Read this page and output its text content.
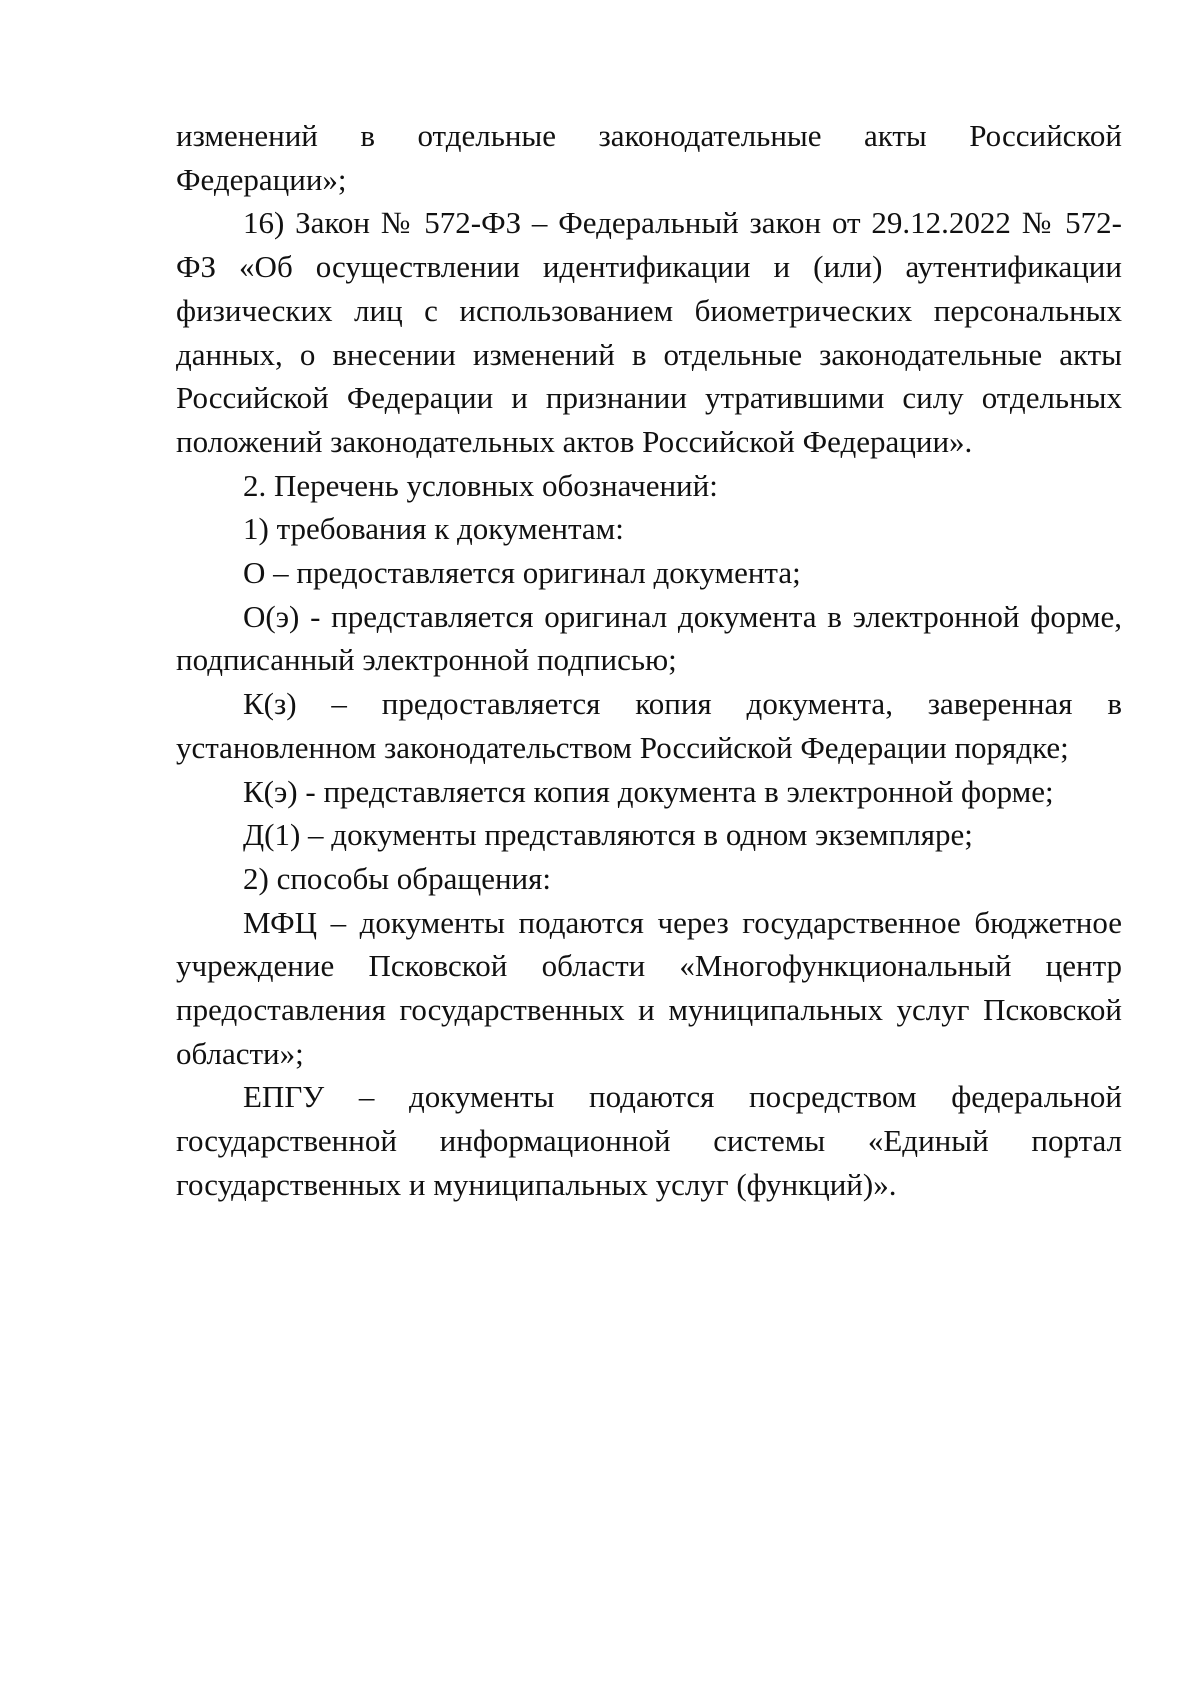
изменений в отдельные законодательные акты Российской Федерации»;

16) Закон № 572-ФЗ – Федеральный закон от 29.12.2022 № 572-ФЗ «Об осуществлении идентификации и (или) аутентификации физических лиц с использованием биометрических персональных данных, о внесении изменений в отдельные законодательные акты Российской Федерации и признании утратившими силу отдельных положений законодательных актов Российской Федерации».

2. Перечень условных обозначений:

1) требования к документам:

О – предоставляется оригинал документа;

О(э) - представляется оригинал документа в электронной форме, подписанный электронной подписью;

К(з) – предоставляется копия документа, заверенная в установленном законодательством Российской Федерации порядке;

К(э) - представляется копия документа в электронной форме;

Д(1) – документы представляются в одном экземпляре;

2) способы обращения:

МФЦ – документы подаются через государственное бюджетное учреждение Псковской области «Многофункциональный центр предоставления государственных и муниципальных услуг Псковской области»;

ЕПГУ – документы подаются посредством федеральной государственной информационной системы «Единый портал государственных и муниципальных услуг (функций)».
